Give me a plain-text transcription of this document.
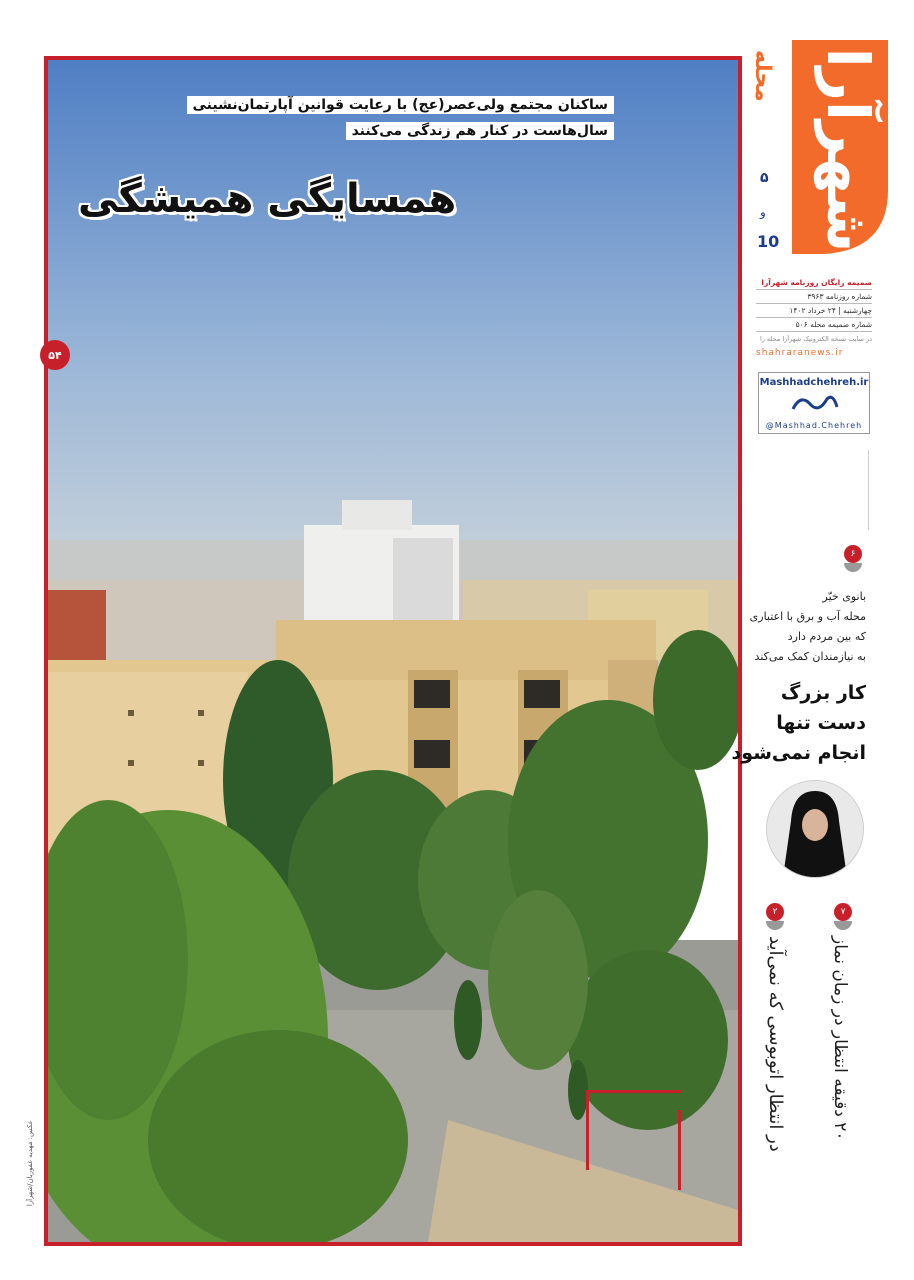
ساکنان مجتمع ولی‌عصر(عج) با رعایت قوانین آپارتمان‌نشینی
سال‌هاست در کنار هم زندگی می‌کنند
همسایگی همیشگی
۵۴
عکس: مهدیه غفوریان/شهرآرا
شهرآرا
محله
۵
و
10
ضمیمه رایگان روزنامه شهرآرا
شماره روزنامه ۳۹۶۳
چهارشنبه | ۲۴ خرداد ۱۴۰۲
شماره ضمیمه محله ۵۰۶
در سایت نسخه الکترونیک شهرآرا محله را
shahraranews.ir
Mashhadchehreh.ir
@Mashhad.Chehreh
۶
بانوی خیّر
محله آب و برق با اعتباری
که بین مردم دارد
به نیازمندان کمک می‌کند
کار بزرگ
دست تنها
انجام نمی‌شود
۲	۷
در انتظار اتوبوسی که نمی‌آید	۲۰ دقیقه انتظار در زمان نماز
